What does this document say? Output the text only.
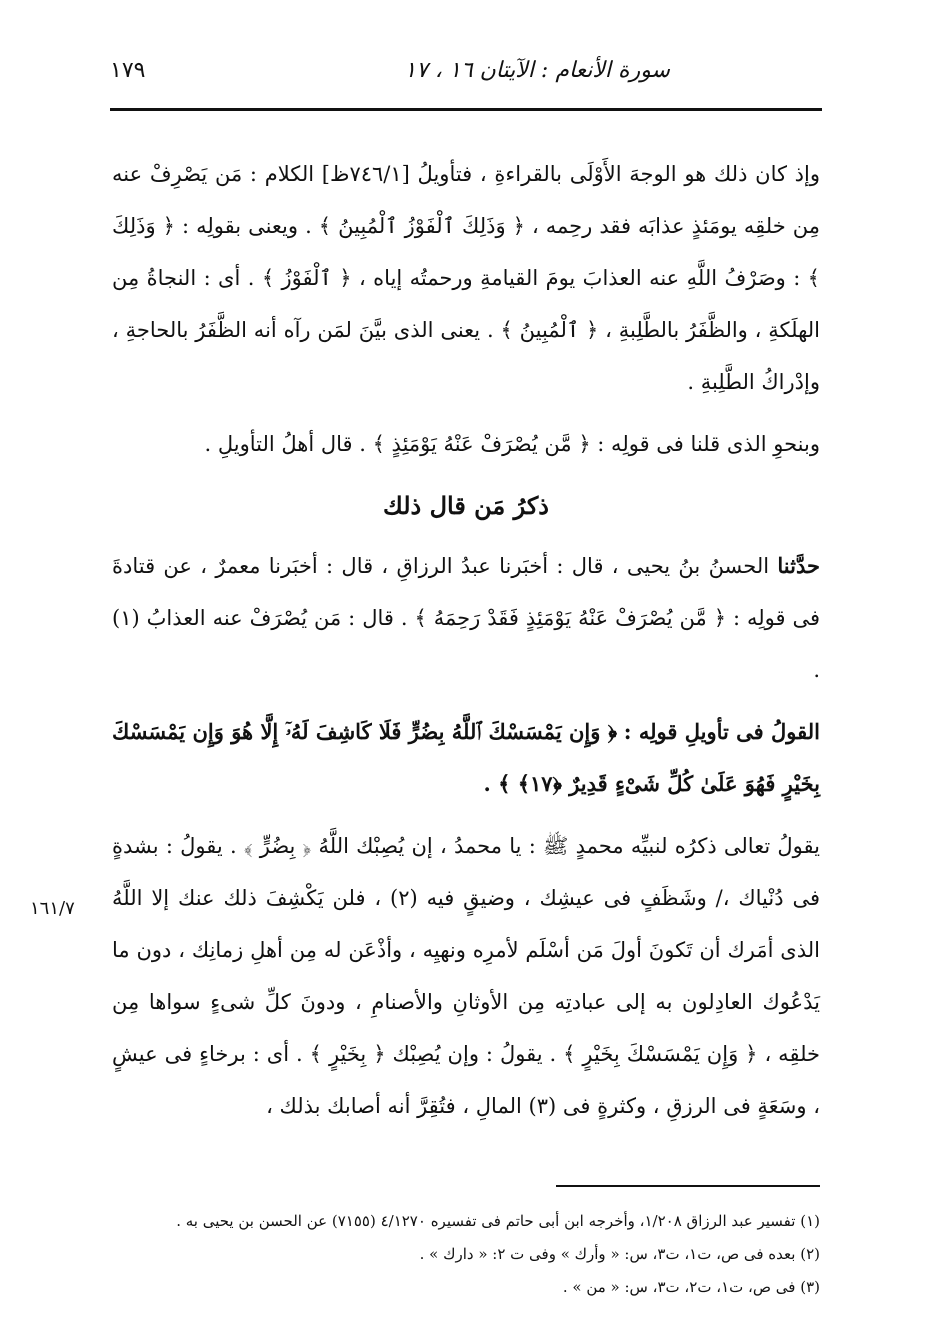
سورة الأنعام : الآيتان ١٦ ، ١٧
١٧٩

وإذ كان ذلك هو الوجهَ الأَوْلَى بالقراءةِ ، فتأويلُ [٧٤٦/١ظ] الكلام : مَن يَصْرِفْ عنه مِن خلقِه يومَئذٍ عذابَه فقد رحِمه ، ﴿ وَذَلِكَ ٱلْفَوْزُ ٱلْمُبِينُ ﴾ . ويعنى بقولِه : ﴿ وَذَلِكَ ﴾ : وصَرْفُ اللَّهِ عنه العذابَ يومَ القيامةِ ورحمتُه إياه ، ﴿ ٱلْفَوْزُ ﴾ . أى : النجاةُ مِن الهلَكةِ ، والظَّفَرُ بالطَّلِبةِ ، ﴿ ٱلْمُبِينُ ﴾ . يعنى الذى بيَّنَ لمَن رآه أنه الظَّفَرُ بالحاجةِ ، وإدْراكُ الطَّلِبةِ .

وبنحوِ الذى قلنا فى قولِه : ﴿ مَّن يُصْرَفْ عَنْهُ يَوْمَئِذٍ ﴾ . قال أهلُ التأويلِ .

ذكرُ مَن قال ذلك

حدَّثنا الحسنُ بنُ يحيى ، قال : أخبَرنا عبدُ الرزاقِ ، قال : أخبَرنا معمرٌ ، عن قتادةَ فى قولِه : ﴿ مَّن يُصْرَفْ عَنْهُ يَوْمَئِذٍ فَقَدْ رَحِمَهُ ﴾ . قال : مَن يُصْرَفْ عنه العذابُ (١) .

القولُ فى تأويلِ قولِه : ﴿ وَإِن يَمْسَسْكَ ٱللَّهُ بِضُرٍّ فَلَا كَاشِفَ لَهُۥٓ إِلَّا هُوَ وَإِن يَمْسَسْكَ بِخَيْرٍ فَهُوَ عَلَىٰ كُلِّ شَىْءٍ قَدِيرٌ ﴿١٧﴾ ﴾ .

يقولُ تعالى ذكرُه لنبيِّه محمدٍ ﷺ : يا محمدُ ، إن يُصِبْك اللَّهُ ﴿ بِضُرٍّ ﴾ . يقولُ : بشدةٍ فى دُنْياك ،/ وشَظَفٍ فى عيشِك ، وضيقٍ فيه (٢) ، فلن يَكْشِفَ ذلك عنك إلا اللَّهُ الذى أمَرك أن تَكونَ أولَ مَن أسْلَم لأمرِه ونهيِه ، وأذْعَن له مِن أهلِ زمانِك ، دون ما يَدْعُوك العادِلون به إلى عبادتِه مِن الأوثانِ والأصنامِ ، ودونَ كلِّ شىءٍ سواها مِن خلقِه ، ﴿ وَإِن يَمْسَسْكَ بِخَيْرٍ ﴾ . يقولُ : وإن يُصِبْك ﴿ بِخَيْرٍ ﴾ . أى : برخاءٍ فى عيشٍ ، وسَعَةٍ فى الرزقِ ، وكثرةٍ فى (٣) المالِ ، فتُقِرَّ أنه أصابك بذلك ،

١٦١/٧

(١) تفسير عبد الرزاق ١/٢٠٨، وأخرجه ابن أبى حاتم فى تفسيره ٤/١٢٧٠ (٧١٥٥) عن الحسن بن يحيى به .

(٢) بعده فى ص، ت١، ت٣، س: « وأرك » وفى ت ٢: « دارك » .

(٣) فى ص، ت١، ت٢، ت٣، س: « من » .
